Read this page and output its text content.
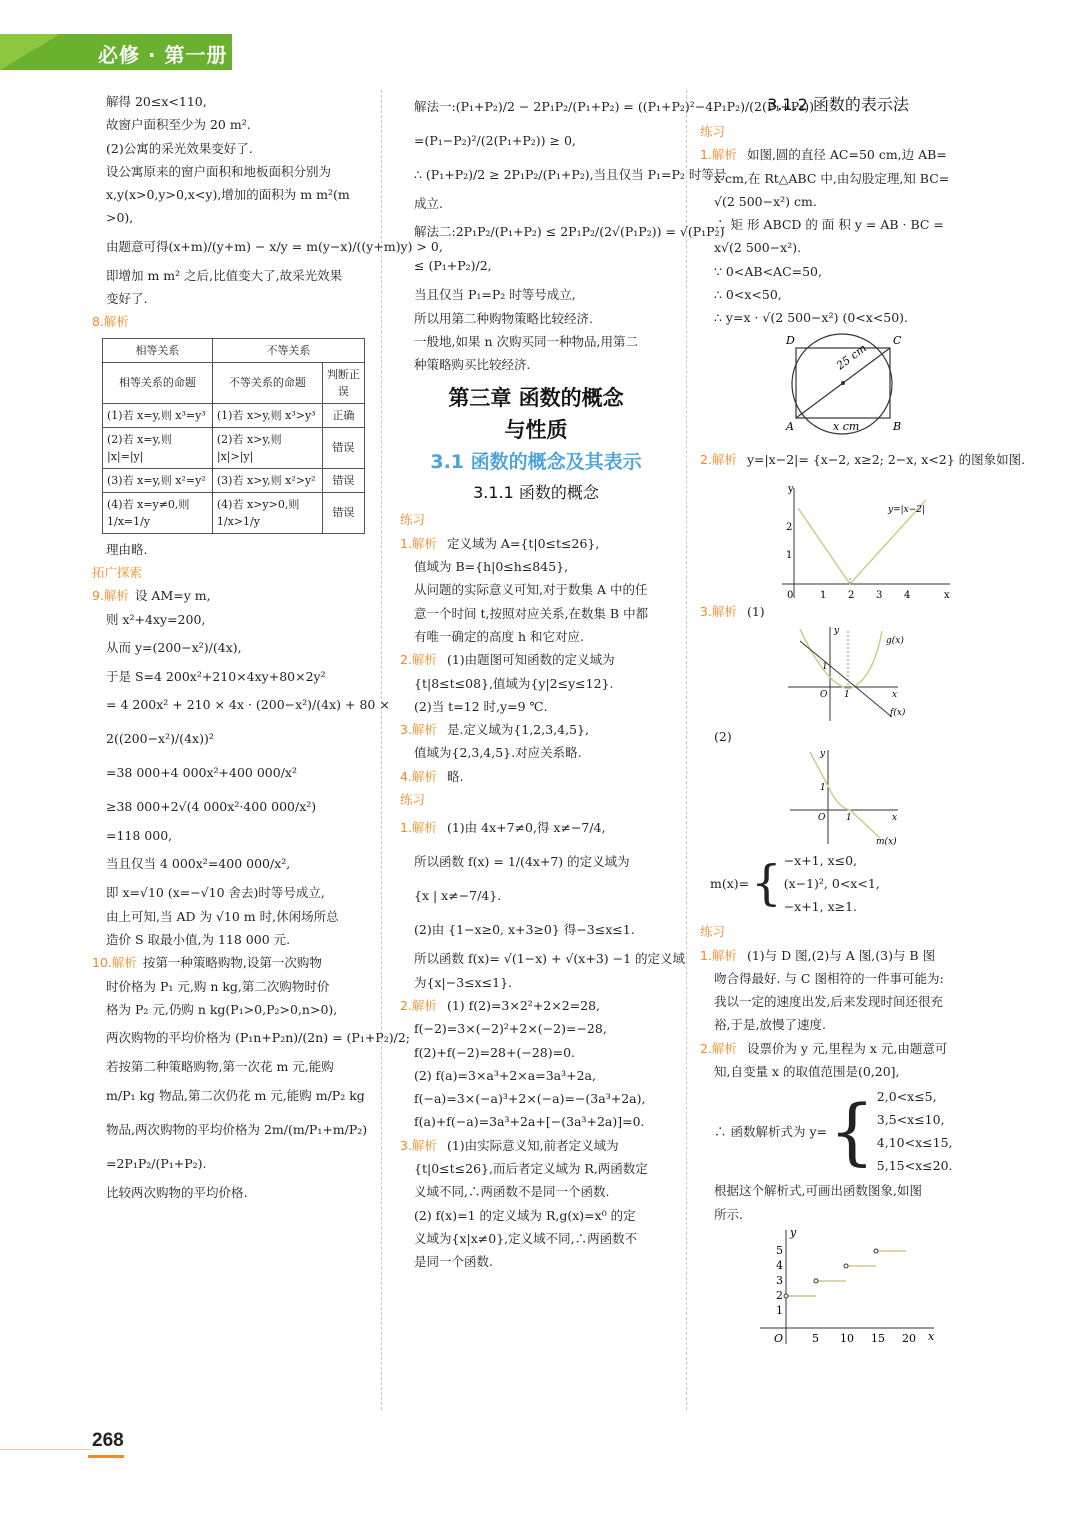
必修 · 第一册
解得 20≤x<110,
故窗户面积至少为 20 m².
(2)公寓的采光效果变好了.
设公寓原来的窗户面积和地板面积分别为
x,y(x>0,y>0,x<y),增加的面积为 m m²(m
>0),
由题意可得(x+m)/(y+m) − x/y = m(y−x)/((y+m)y) > 0,
即增加 m m² 之后,比值变大了,故采光效果
变好了.
8.解析
相等关系	不等关系	
相等关系的命题	不等关系的命题	判断正误
(1)若 x=y,则 x³=y³	(1)若 x>y,则 x³>y³	正确
(2)若 x=y,则 |x|=|y|	(2)若 x>y,则 |x|>|y|	错误
(3)若 x=y,则 x²=y²	(3)若 x>y,则 x²>y²	错误
(4)若 x=y≠0,则 1/x=1/y	(4)若 x>y>0,则 1/x>1/y	错误
理由略.
拓广探索
9.解析 设 AM=y m,
则 x²+4xy=200,
从而 y=(200−x²)/(4x),
于是 S=4 200x²+210×4xy+80×2y²
= 4 200x² + 210 × 4x · (200−x²)/(4x) + 80 ×
2((200−x²)/(4x))²
=38 000+4 000x²+400 000/x²
≥38 000+2√(4 000x²·400 000/x²)
=118 000,
当且仅当 4 000x²=400 000/x²,
即 x=√10 (x=−√10 舍去)时等号成立,
由上可知,当 AD 为 √10 m 时,休闲场所总
造价 S 取最小值,为 118 000 元.
10.解析 按第一种策略购物,设第一次购物
时价格为 P₁ 元,购 n kg,第二次购物时价
格为 P₂ 元,仍购 n kg(P₁>0,P₂>0,n>0),
两次购物的平均价格为 (P₁n+P₂n)/(2n) = (P₁+P₂)/2;
若按第二种策略购物,第一次花 m 元,能购
m/P₁ kg 物品,第二次仍花 m 元,能购 m/P₂ kg
物品,两次购物的平均价格为 2m/(m/P₁+m/P₂)
=2P₁P₂/(P₁+P₂).
比较两次购物的平均价格.
解法一:(P₁+P₂)/2 − 2P₁P₂/(P₁+P₂) = ((P₁+P₂)²−4P₁P₂)/(2(P₁+P₂))
=(P₁−P₂)²/(2(P₁+P₂)) ≥ 0,
∴ (P₁+P₂)/2 ≥ 2P₁P₂/(P₁+P₂),当且仅当 P₁=P₂ 时等号
成立.
解法二:2P₁P₂/(P₁+P₂) ≤ 2P₁P₂/(2√(P₁P₂)) = √(P₁P₂)
≤ (P₁+P₂)/2,
当且仅当 P₁=P₂ 时等号成立,
所以用第二种购物策略比较经济.
一般地,如果 n 次购买同一种物品,用第二
种策略购买比较经济.
第三章 函数的概念
与性质
3.1 函数的概念及其表示
3.1.1 函数的概念
练习
1.解析 定义域为 A={t|0≤t≤26},
值域为 B={h|0≤h≤845},
从问题的实际意义可知,对于数集 A 中的任
意一个时间 t,按照对应关系,在数集 B 中都
有唯一确定的高度 h 和它对应.
2.解析 (1)由题图可知函数的定义域为
{t|8≤t≤08},值域为{y|2≤y≤12}.
(2)当 t=12 时,y=9 ℃.
3.解析 是.定义域为{1,2,3,4,5},
值域为{2,3,4,5}.对应关系略.
4.解析 略.
练习
1.解析 (1)由 4x+7≠0,得 x≠−7/4,
所以函数 f(x) = 1/(4x+7) 的定义域为
{x | x≠−7/4}.
(2)由 {1−x≥0, x+3≥0} 得−3≤x≤1.
所以函数 f(x)= √(1−x) + √(x+3) −1 的定义域
为{x|−3≤x≤1}.
2.解析 (1) f(2)=3×2²+2×2=28,
f(−2)=3×(−2)²+2×(−2)=−28,
f(2)+f(−2)=28+(−28)=0.
(2) f(a)=3×a³+2×a=3a³+2a,
f(−a)=3×(−a)³+2×(−a)=−(3a³+2a),
f(a)+f(−a)=3a³+2a+[−(3a³+2a)]=0.
3.解析 (1)由实际意义知,前者定义域为
{t|0≤t≤26},而后者定义域为 R,两函数定
义域不同,∴两函数不是同一个函数.
(2) f(x)=1 的定义域为 R,g(x)=x⁰ 的定
义域为{x|x≠0},定义域不同,∴两函数不
是同一个函数.
3.1.2 函数的表示法
练习
1.解析 如图,圆的直径 AC=50 cm,边 AB=
x cm,在 Rt△ABC 中,由勾股定理,知 BC=
√(2 500−x²) cm.
∴ 矩 形 ABCD 的 面 积 y = AB · BC =
x√(2 500−x²).
∵ 0<AB<AC=50,
∴ 0<x<50,
∴ y=x · √(2 500−x²) (0<x<50).
D	C
A	B
25 cm
x cm
2.解析 y=|x−2|= {x−2, x≥2; 2−x, x<2} 的图象如图.
y
x
0	1 2 3 4
1
2
y=|x−2|
3.解析 (1)
y
x
O 1
1
g(x)
f(x)
(2)
y
x
O 1
1
m(x)
m(x)= { −x+1, x≤0,
(x−1)², 0<x<1,
−x+1, x≥1.
练习
1.解析 (1)与 D 图,(2)与 A 图,(3)与 B 图
吻合得最好. 与 C 图相符的一件事可能为:
我以一定的速度出发,后来发现时间还很充
裕,于是,放慢了速度.
2.解析 设票价为 y 元,里程为 x 元,由题意可
知,自变量 x 的取值范围是(0,20],
∴ 函数解析式为 y= { 2,0<x≤5,
3,5<x≤10,
4,10<x≤15,
5,15<x≤20.
根据这个解析式,可画出函数图象,如图
所示.
y
x
O	5 10 15 20
1
2
3
4
5
268
